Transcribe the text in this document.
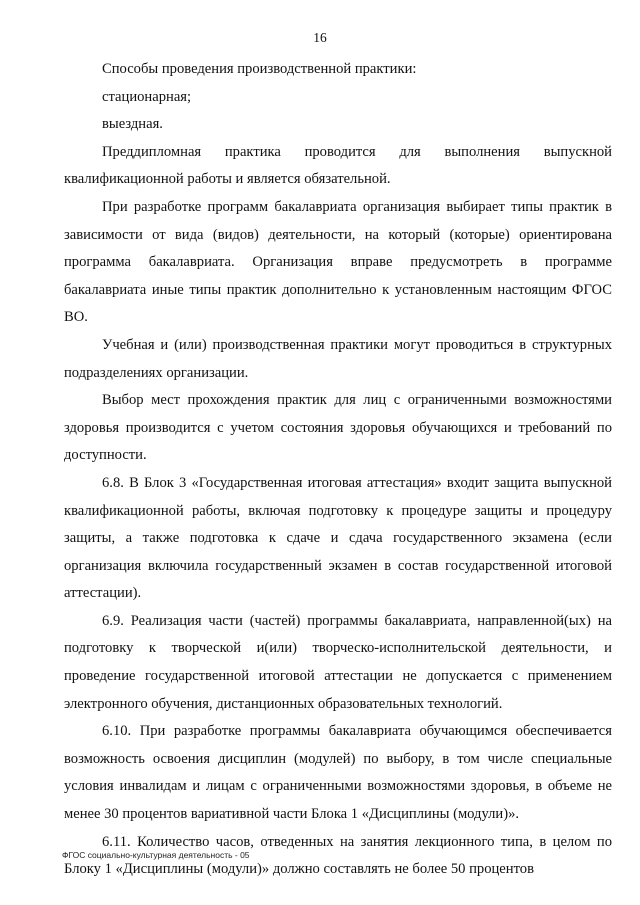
16

Способы проведения производственной практики:

стационарная;

выездная.

Преддипломная практика проводится для выполнения выпускной квалификационной работы и является обязательной.

При разработке программ бакалавриата организация выбирает типы практик в зависимости от вида (видов) деятельности, на который (которые) ориентирована программа бакалавриата. Организация вправе предусмотреть в программе бакалавриата иные типы практик дополнительно к установленным настоящим ФГОС ВО.

Учебная и (или) производственная практики могут проводиться в структурных подразделениях организации.

Выбор мест прохождения практик для лиц с ограниченными возможностями здоровья производится с учетом состояния здоровья обучающихся и требований по доступности.

6.8. В Блок 3 «Государственная итоговая аттестация» входит защита выпускной квалификационной работы, включая подготовку к процедуре защиты и процедуру защиты, а также подготовка к сдаче и сдача государственного экзамена (если организация включила государственный экзамен в состав государственной итоговой аттестации).

6.9. Реализация части (частей) программы бакалавриата, направленной(ых) на подготовку к творческой и(или) творческо-исполнительской деятельности, и проведение государственной итоговой аттестации не допускается с применением электронного обучения, дистанционных образовательных технологий.

6.10. При разработке программы бакалавриата обучающимся обеспечивается возможность освоения дисциплин (модулей) по выбору, в том числе специальные условия инвалидам и лицам с ограниченными возможностями здоровья, в объеме не менее 30 процентов вариативной части Блока 1 «Дисциплины (модули)».

6.11. Количество часов, отведенных на занятия лекционного типа, в целом по Блоку 1 «Дисциплины (модули)» должно составлять не более 50 процентов

ФГОС социально-культурная деятельность - 05
